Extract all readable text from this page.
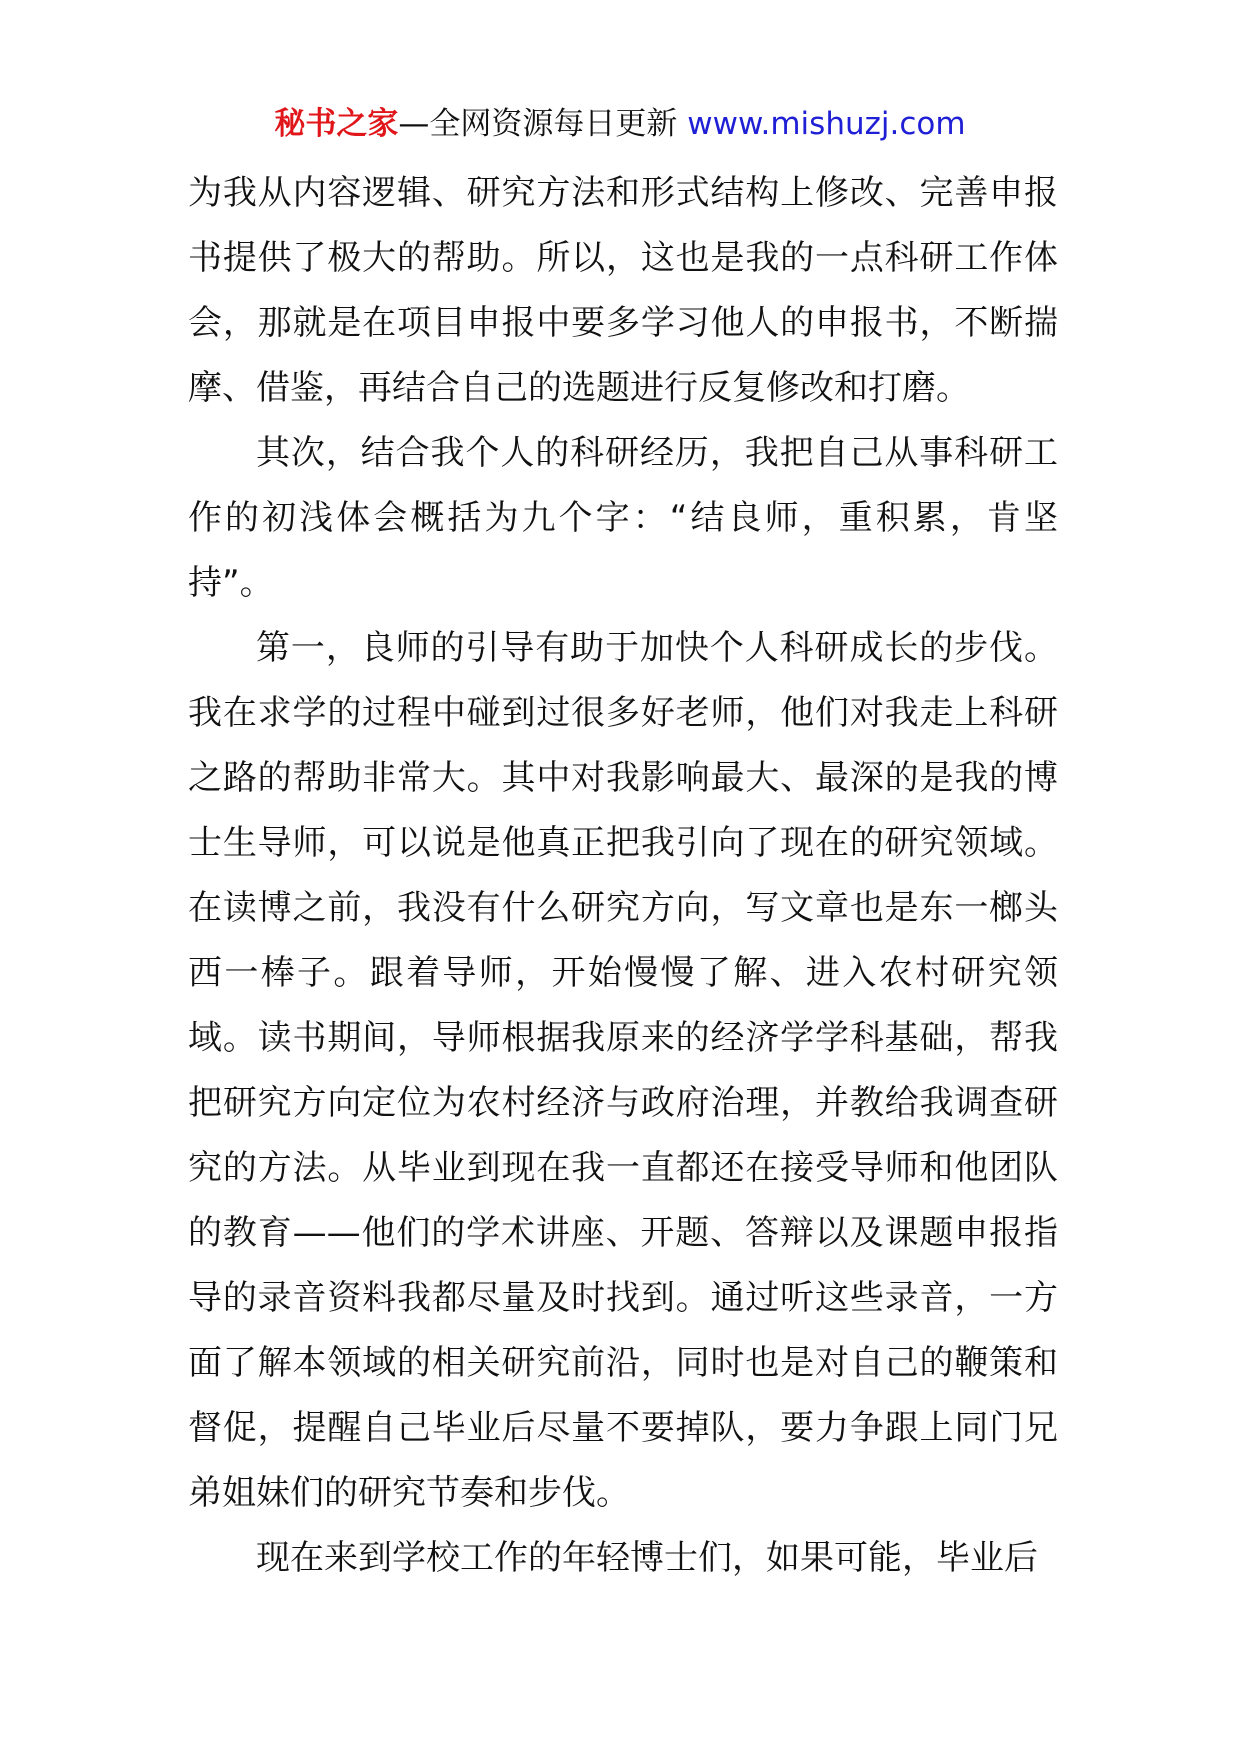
秘书之家—全网资源每日更新 www.mishuzj.com

为我从内容逻辑、研究方法和形式结构上修改、完善申报书提供了极大的帮助。所以，这也是我的一点科研工作体会，那就是在项目申报中要多学习他人的申报书，不断揣摩、借鉴，再结合自己的选题进行反复修改和打磨。

其次，结合我个人的科研经历，我把自己从事科研工作的初浅体会概括为九个字：“结良师，重积累，肯坚持”。

第一，良师的引导有助于加快个人科研成长的步伐。我在求学的过程中碰到过很多好老师，他们对我走上科研之路的帮助非常大。其中对我影响最大、最深的是我的博士生导师，可以说是他真正把我引向了现在的研究领域。在读博之前，我没有什么研究方向，写文章也是东一榔头西一棒子。跟着导师，开始慢慢了解、进入农村研究领域。读书期间，导师根据我原来的经济学学科基础，帮我把研究方向定位为农村经济与政府治理，并教给我调查研究的方法。从毕业到现在我一直都还在接受导师和他团队的教育——他们的学术讲座、开题、答辩以及课题申报指导的录音资料我都尽量及时找到。通过听这些录音，一方面了解本领域的相关研究前沿，同时也是对自己的鞭策和督促，提醒自己毕业后尽量不要掉队，要力争跟上同门兄弟姐妹们的研究节奏和步伐。

现在来到学校工作的年轻博士们，如果可能，毕业后
